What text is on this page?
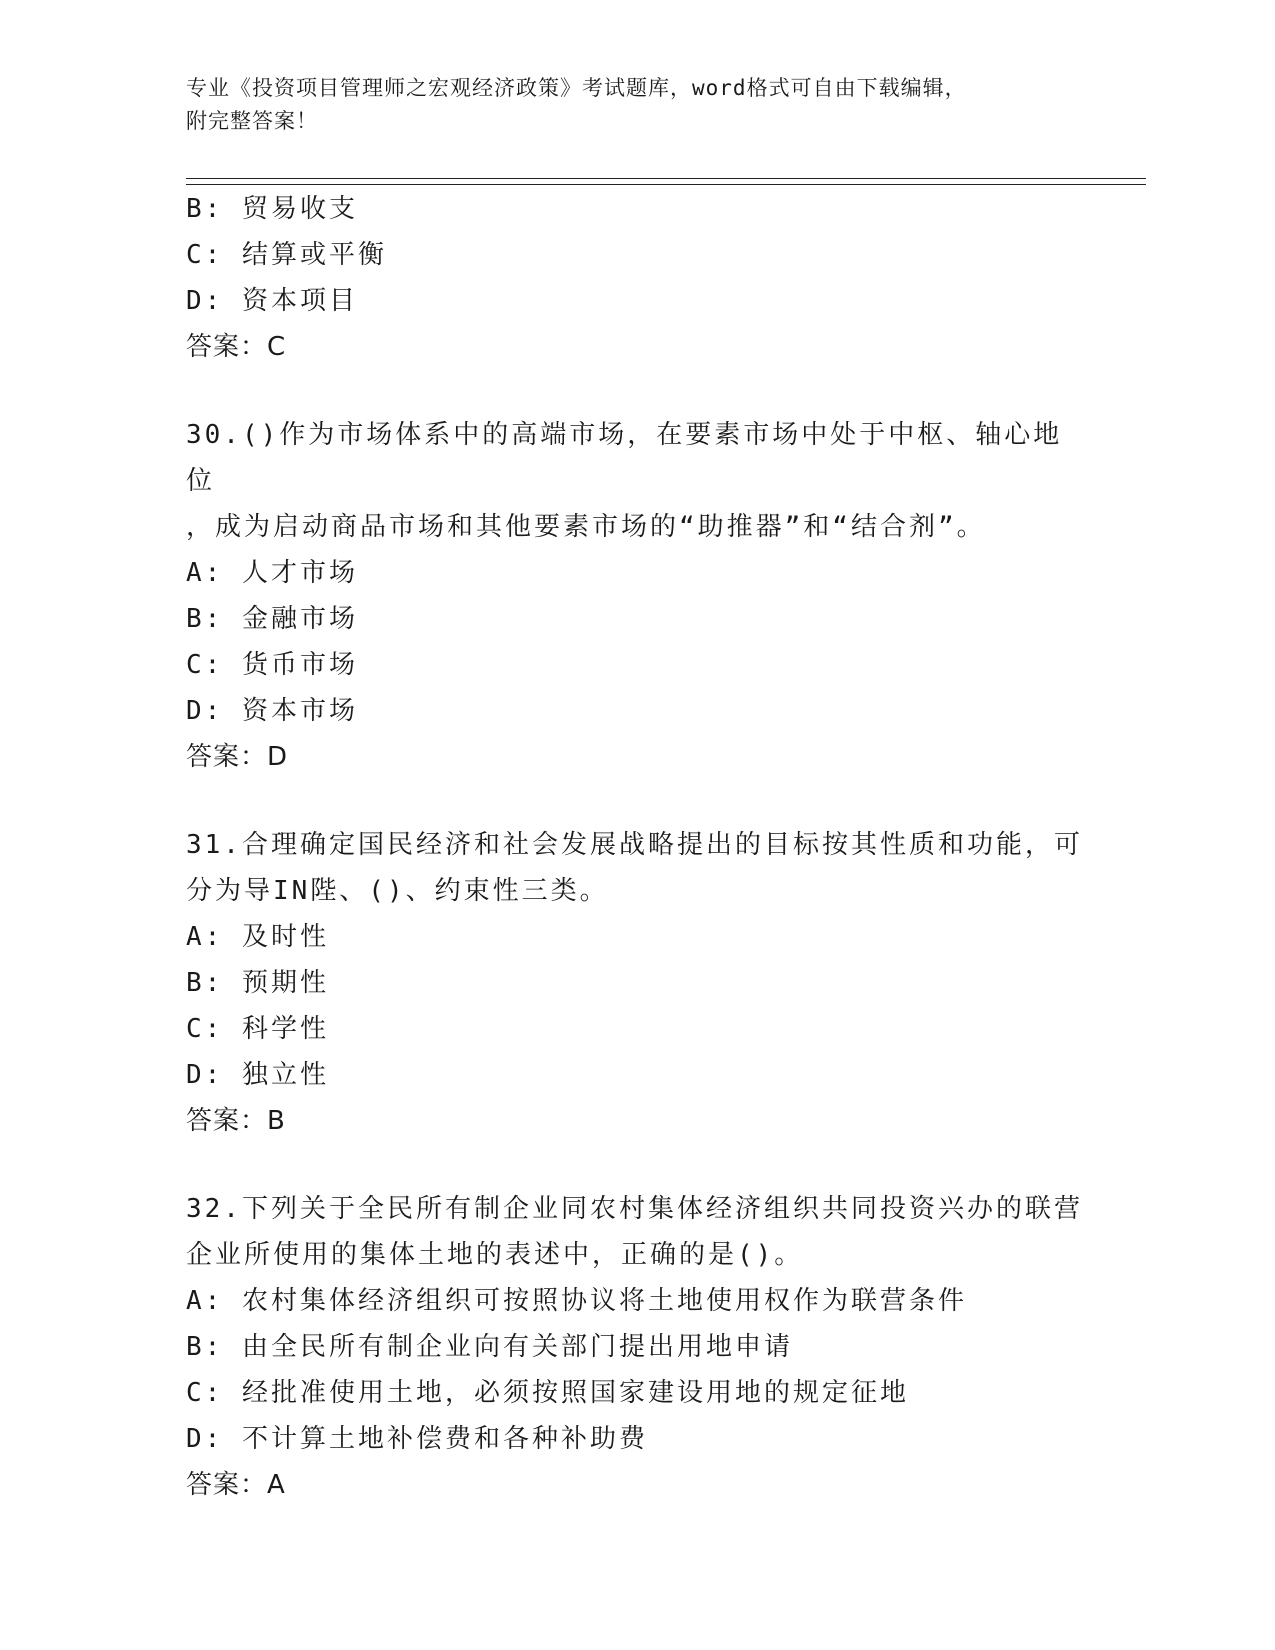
专业《投资项目管理师之宏观经济政策》考试题库，word格式可自由下载编辑，
附完整答案！
B: 贸易收支
C: 结算或平衡
D: 资本项目
答案：C
30.()作为市场体系中的高端市场，在要素市场中处于中枢、轴心地位
，成为启动商品市场和其他要素市场的“助推器”和“结合剂”。
A: 人才市场
B: 金融市场
C: 货币市场
D: 资本市场
答案：D
31.合理确定国民经济和社会发展战略提出的目标按其性质和功能，可
分为导IN陛、()、约束性三类。
A: 及时性
B: 预期性
C: 科学性
D: 独立性
答案：B
32.下列关于全民所有制企业同农村集体经济组织共同投资兴办的联营
企业所使用的集体土地的表述中，正确的是()。
A: 农村集体经济组织可按照协议将土地使用权作为联营条件
B: 由全民所有制企业向有关部门提出用地申请
C: 经批准使用土地，必须按照国家建设用地的规定征地
D: 不计算土地补偿费和各种补助费
答案：A
